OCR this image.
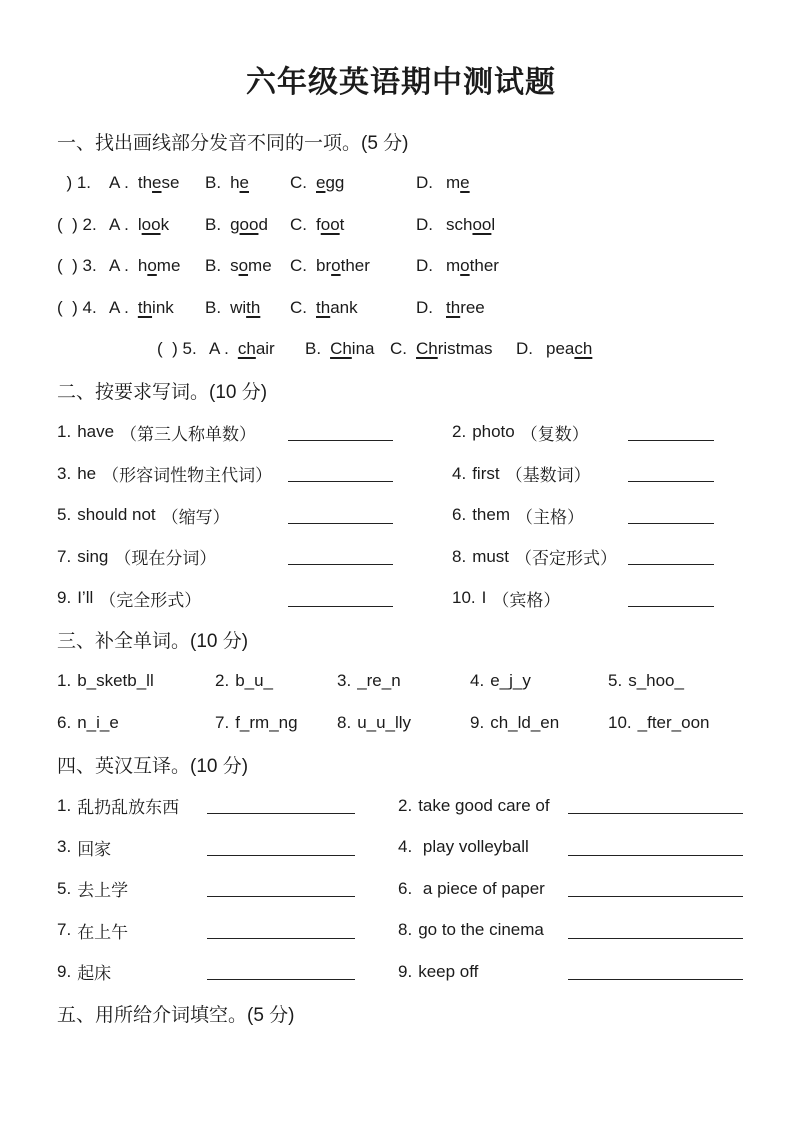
六年级英语期中测试题
一、找出画线部分发音不同的一项。(5 分)
) 1.	A . these B. he C. egg	D. me
(  ) 2. A . look B. good C. foot	D. school
(  ) 3. A . home B. some C. brother	D. mother
(  ) 4. A . think B. with C. thank	D. three
(  ) 5. A . chair B. China C. Christmas D. peach
二、按要求写词。(10 分)
1. have （第三人称单数）	2. photo （复数）
3. he （形容词性物主代词）	4. first （基数词）
5. should not （缩写）	6. them （主格）
7. sing （现在分词）	8. must （否定形式）
9. I’ll （完全形式）	10. I （宾格）
三、补全单词。(10 分)
1. b_sketb_ll	2. b_u_	3. _re_n	4. e_j_y	5. s_hoo_
6. n_i_e	7. f_rm_ng 8. u_u_lly	9. ch_ld_en	10. _fter_oon
四、英汉互译。(10 分)
1. 乱扔乱放东西	2. take good care of
3. 回家	4. play volleyball
5. 去上学	6. a piece of paper
7. 在上午	8. go to the cinema
9. 起床	9. keep off
五、用所给介词填空。(5 分)
